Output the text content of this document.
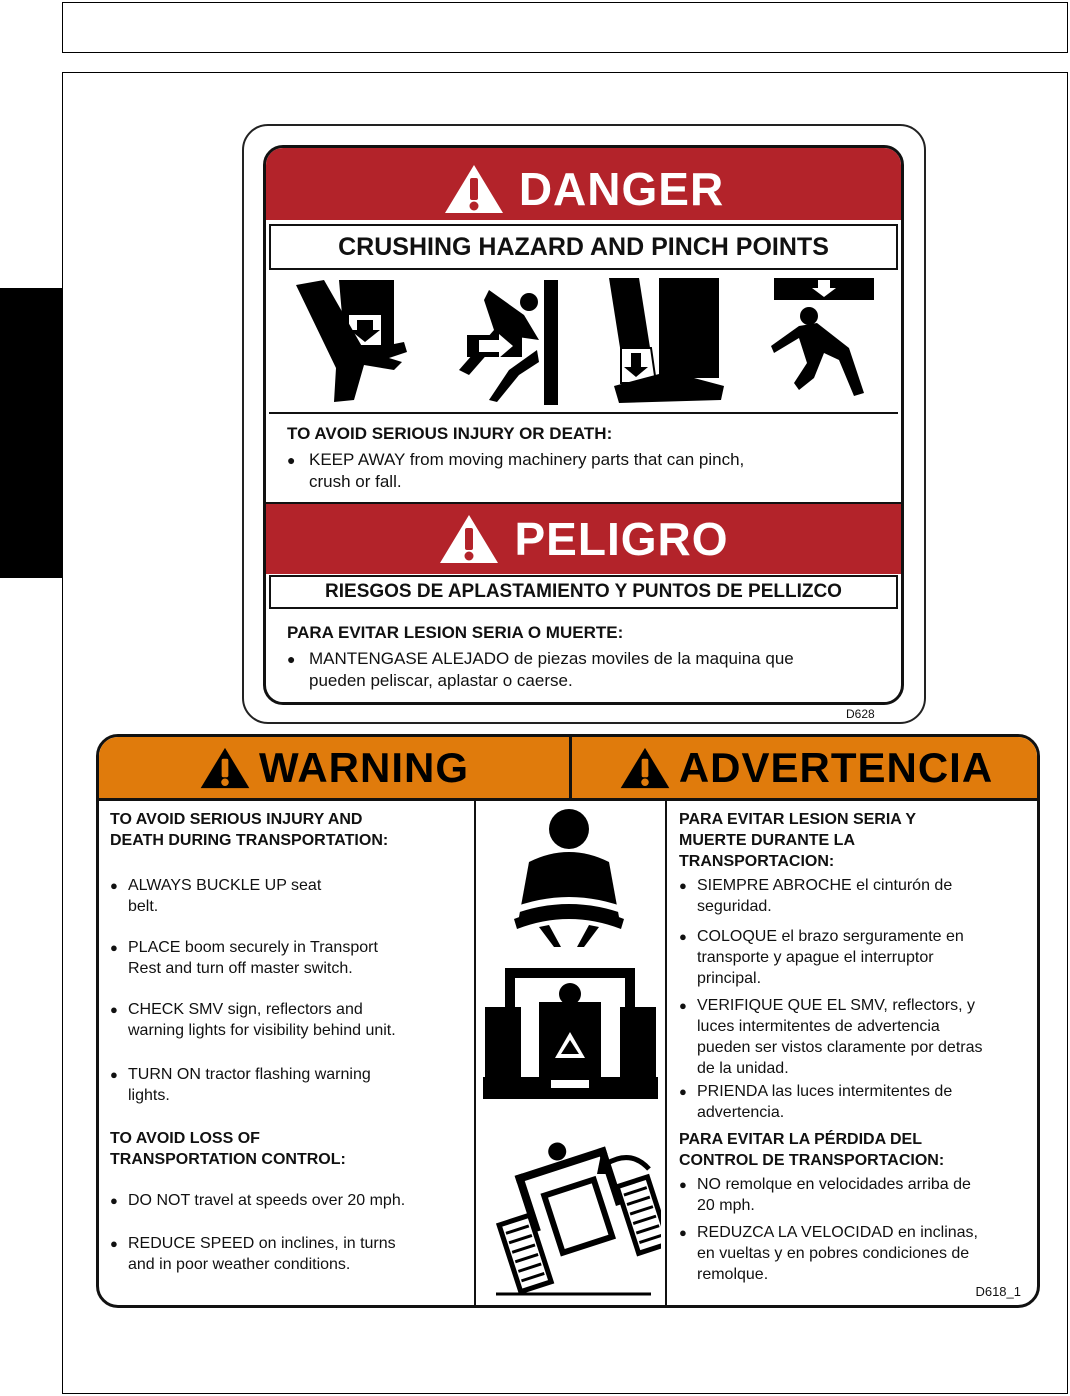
DANGER
CRUSHING HAZARD AND PINCH POINTS
TO AVOID SERIOUS INJURY OR DEATH:
● KEEP AWAY from moving machinery parts that can pinch,
crush or fall.
PELIGRO
RIESGOS DE APLASTAMIENTO Y PUNTOS DE PELLIZCO
PARA EVITAR LESION SERIA O MUERTE:
● MANTENGASE ALEJADO de piezas moviles de la maquina que
pueden peliscar, aplastar o caerse.
D628
WARNING	ADVERTENCIA
TO AVOID SERIOUS INJURY AND
DEATH DURING TRANSPORTATION:
● ALWAYS BUCKLE UP seat
belt.
● PLACE boom securely in Transport
Rest and turn off master switch.
● CHECK SMV sign, reflectors and
warning lights for visibility behind unit.
● TURN ON tractor flashing warning
lights.
TO AVOID LOSS OF
TRANSPORTATION CONTROL:
● DO NOT travel at speeds over 20 mph.
● REDUCE SPEED on inclines, in turns
and in poor weather conditions.
PARA EVITAR LESION SERIA Y
MUERTE DURANTE LA
TRANSPORTACION:
● SIEMPRE ABROCHE el cinturón de
seguridad.
● COLOQUE el brazo serguramente en
transporte y apague el interruptor
principal.
● VERIFIQUE QUE EL SMV, reflectors, y
luces intermitentes de advertencia
pueden ser vistos claramente por detras
de la unidad.
● PRIENDA las luces intermitentes de
advertencia.
PARA EVITAR LA PÉRDIDA DEL
CONTROL DE TRANSPORTACION:
● NO remolque en velocidades arriba de
20 mph.
● REDUZCA LA VELOCIDAD en inclinas,
en vueltas y en pobres condiciones de
remolque.
D618_1
